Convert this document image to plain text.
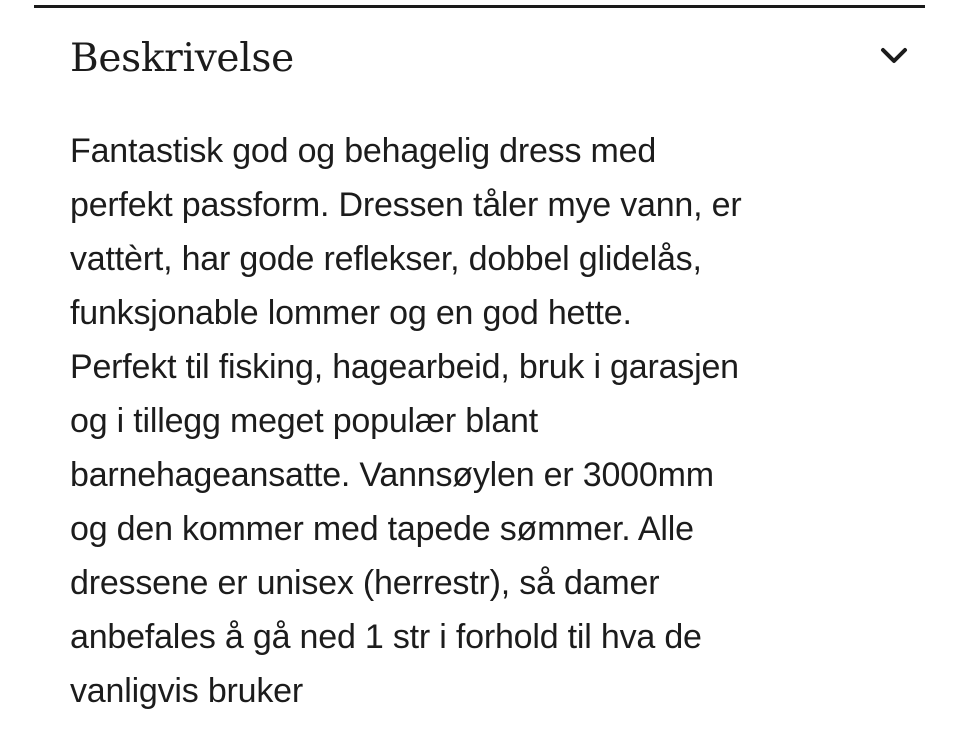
Beskrivelse

Fantastisk god og behagelig dress med
perfekt passform. Dressen tåler mye vann, er
vattèrt, har gode reflekser, dobbel glidelås,
funksjonable lommer og en god hette.
Perfekt til fisking, hagearbeid, bruk i garasjen
og i tillegg meget populær blant
barnehageansatte. Vannsøylen er 3000mm
og den kommer med tapede sømmer. Alle
dressene er unisex (herrestr), så damer
anbefales å gå ned 1 str i forhold til hva de
vanligvis bruker
